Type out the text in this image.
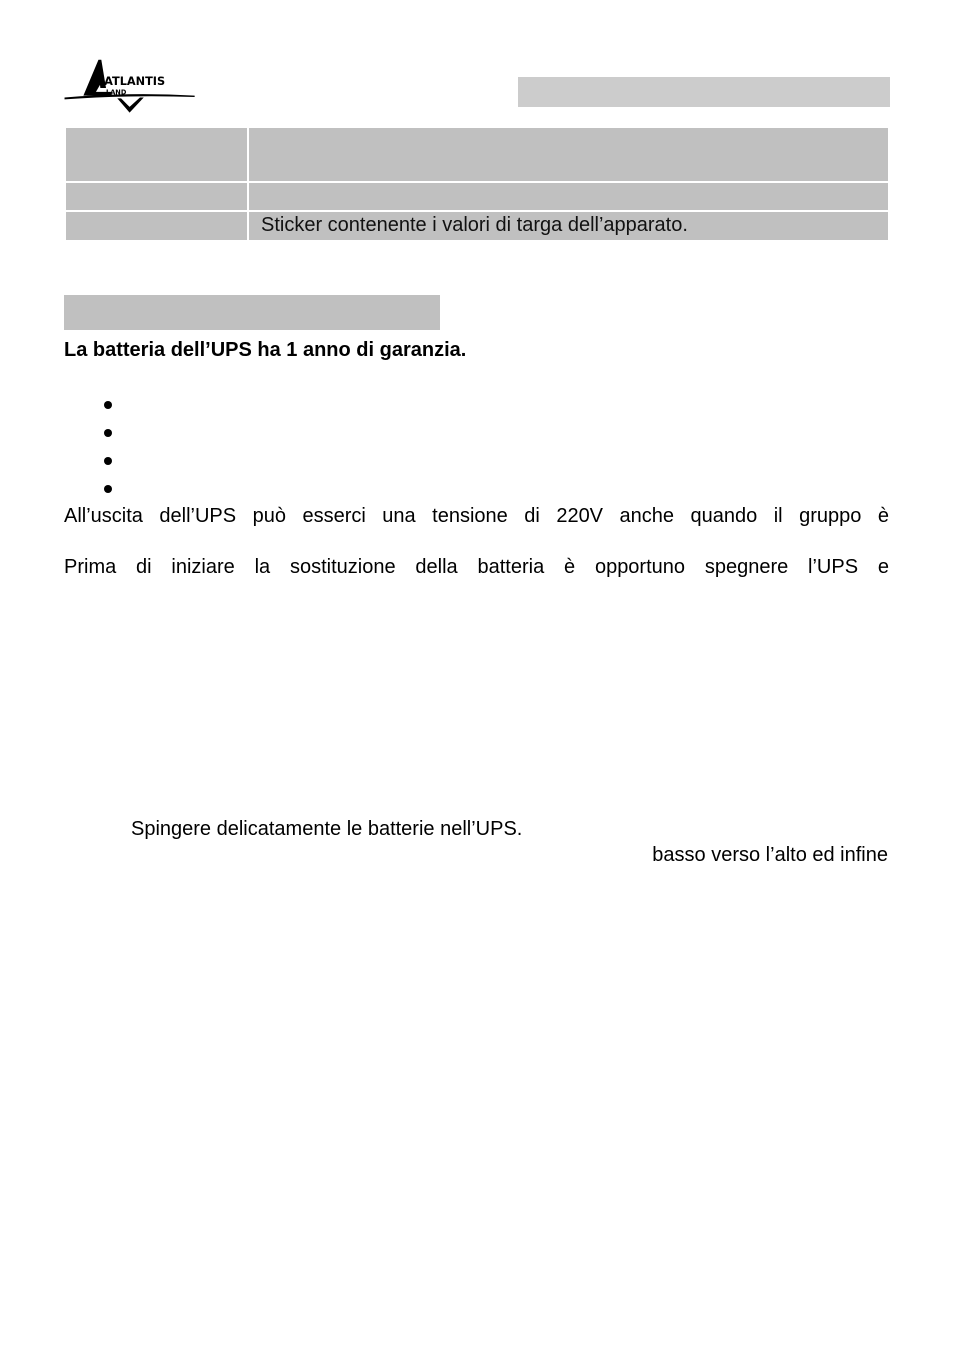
ATLANTIS
LAND
Sticker contenente i valori di targa dell’apparato.
La batteria dell’UPS ha 1 anno di garanzia.
All’uscita dell’UPS può esserci una tensione di 220V anche quando il gruppo è
Prima di iniziare la sostituzione della batteria è opportuno spegnere l’UPS e
Spingere delicatamente le batterie nell’UPS.
basso verso l’alto ed infine
